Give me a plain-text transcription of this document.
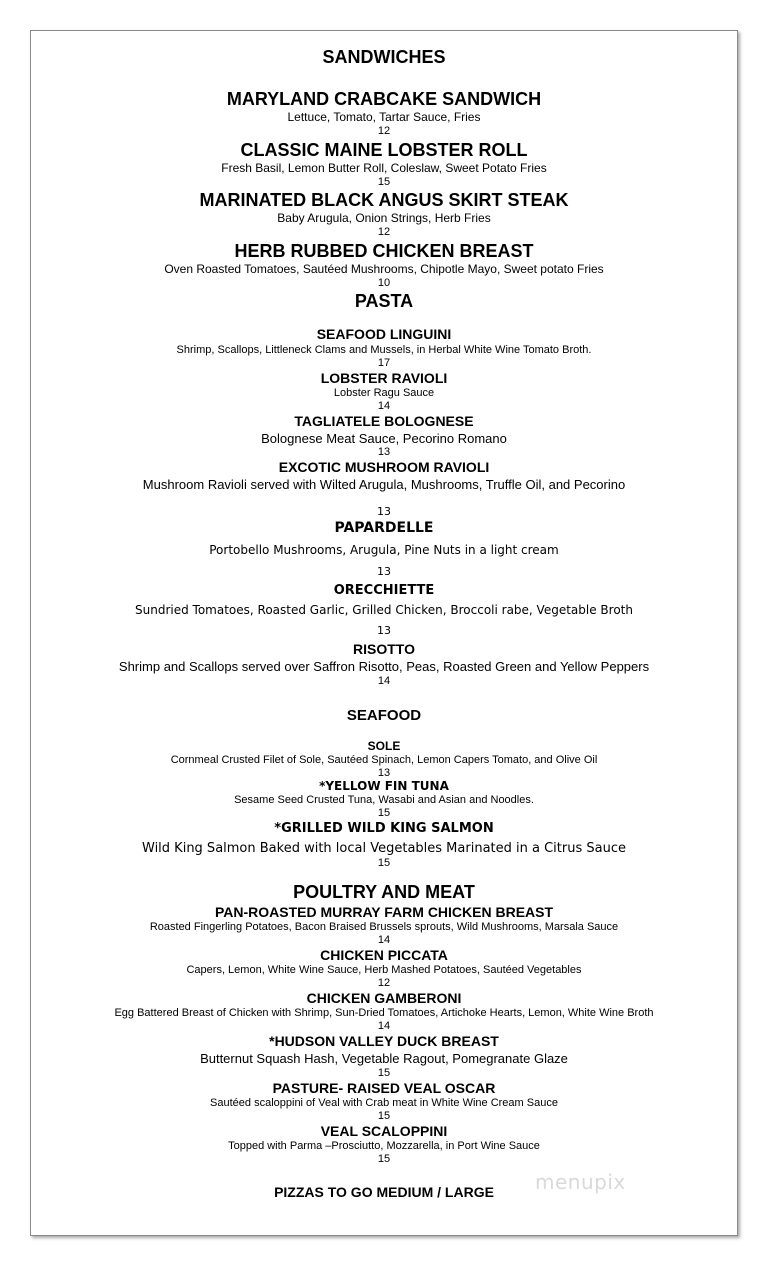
SANDWICHES
MARYLAND CRABCAKE SANDWICH
Lettuce, Tomato, Tartar Sauce, Fries
12
CLASSIC MAINE LOBSTER ROLL
Fresh Basil, Lemon Butter Roll, Coleslaw, Sweet Potato Fries
15
MARINATED BLACK ANGUS SKIRT STEAK
Baby Arugula, Onion Strings, Herb Fries
12
HERB RUBBED CHICKEN BREAST
Oven Roasted Tomatoes, Sautéed Mushrooms, Chipotle Mayo, Sweet potato Fries
10
PASTA
SEAFOOD LINGUINI
Shrimp, Scallops, Littleneck Clams and Mussels, in Herbal White Wine Tomato Broth.
17
LOBSTER RAVIOLI
Lobster Ragu Sauce
14
TAGLIATELE BOLOGNESE
Bolognese Meat Sauce, Pecorino Romano
13
EXCOTIC MUSHROOM RAVIOLI
Mushroom Ravioli served with Wilted Arugula, Mushrooms, Truffle Oil, and Pecorino
13
PAPARDELLE
Portobello Mushrooms, Arugula, Pine Nuts in a light cream
13
ORECCHIETTE
Sundried Tomatoes, Roasted Garlic, Grilled Chicken, Broccoli rabe, Vegetable Broth
13
RISOTTO
Shrimp and Scallops served over Saffron Risotto, Peas, Roasted Green and Yellow Peppers
14
SEAFOOD
SOLE
Cornmeal Crusted Filet of Sole, Sautéed Spinach, Lemon Capers Tomato, and Olive Oil
13
*YELLOW FIN TUNA
Sesame Seed Crusted Tuna, Wasabi and Asian and Noodles.
15
*GRILLED WILD KING SALMON
Wild King Salmon Baked with local Vegetables Marinated in a Citrus Sauce
15
POULTRY AND MEAT
PAN-ROASTED MURRAY FARM CHICKEN BREAST
Roasted Fingerling Potatoes, Bacon Braised Brussels sprouts, Wild Mushrooms, Marsala Sauce
14
CHICKEN PICCATA
Capers, Lemon, White Wine Sauce, Herb Mashed Potatoes, Sautéed Vegetables
12
CHICKEN GAMBERONI
Egg Battered Breast of Chicken with Shrimp, Sun-Dried Tomatoes, Artichoke Hearts, Lemon, White Wine Broth
14
*HUDSON VALLEY DUCK BREAST
Butternut Squash Hash, Vegetable Ragout, Pomegranate Glaze
15
PASTURE- RAISED VEAL OSCAR
Sautéed scaloppini of Veal with Crab meat in White Wine Cream Sauce
15
VEAL SCALOPPINI
Topped with Parma –Prosciutto, Mozzarella, in Port Wine Sauce
15
PIZZAS TO GO MEDIUM / LARGE	menupix
